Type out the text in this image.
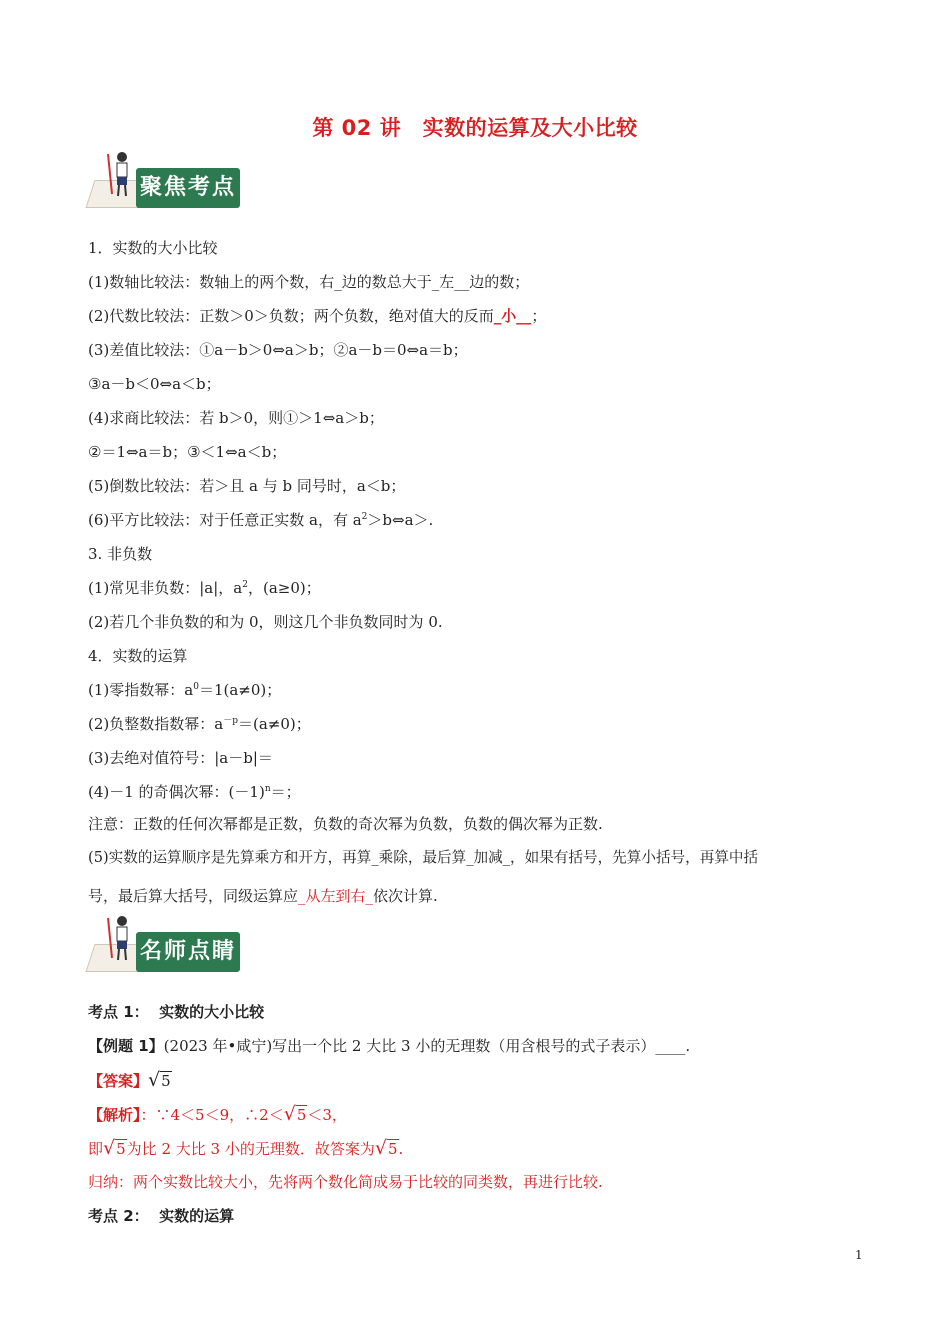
第 02 讲　实数的运算及大小比较
聚焦考点
1．实数的大小比较
(1)数轴比较法：数轴上的两个数，右_边的数总大于_左__边的数；
(2)代数比较法：正数＞0＞负数；两个负数，绝对值大的反而_小__；
(3)差值比较法：①a－b＞0⇔a＞b；②a－b＝0⇔a＝b；
③a－b＜0⇔a＜b；
(4)求商比较法：若 b＞0，则①＞1⇔a＞b；
②＝1⇔a＝b；③＜1⇔a＜b；
(5)倒数比较法：若＞且 a 与 b 同号时，a＜b；
(6)平方比较法：对于任意正实数 a，有 $a^2>b\Leftrightarrow a>$.
3. 非负数
(1)常见非负数：|a|，$a^2$，(a≥0)；
(2)若几个非负数的和为 0，则这几个非负数同时为 0.
4．实数的运算
(1)零指数幂：$a^0=1(a\ne 0)$；
(2)负整数指数幂：$a^{-p}=(a\ne 0)$；
(3)去绝对值符号：|a－b|＝
(4)－1 的奇偶次幂：$(-1)^n=$；
注意：正数的任何次幂都是正数，负数的奇次幂为负数，负数的偶次幂为正数.
(5)实数的运算顺序是先算乘方和开方，再算_乘除，最后算_加减_，如果有括号，先算小括号，再算中括
号，最后算大括号，同级运算应_从左到右_依次计算.
名师点睛
考点 1： 实数的大小比较
【例题 1】(2023 年•咸宁)写出一个比 2 大比 3 小的无理数（用含根号的式子表示）____.
【答案】√5
【解析】：∵4＜5＜9，∴2＜√5＜3，
即√5为比 2 大比 3 小的无理数．故答案为√5.
归纳：两个实数比较大小，先将两个数化简成易于比较的同类数，再进行比较.
考点 2： 实数的运算
1
